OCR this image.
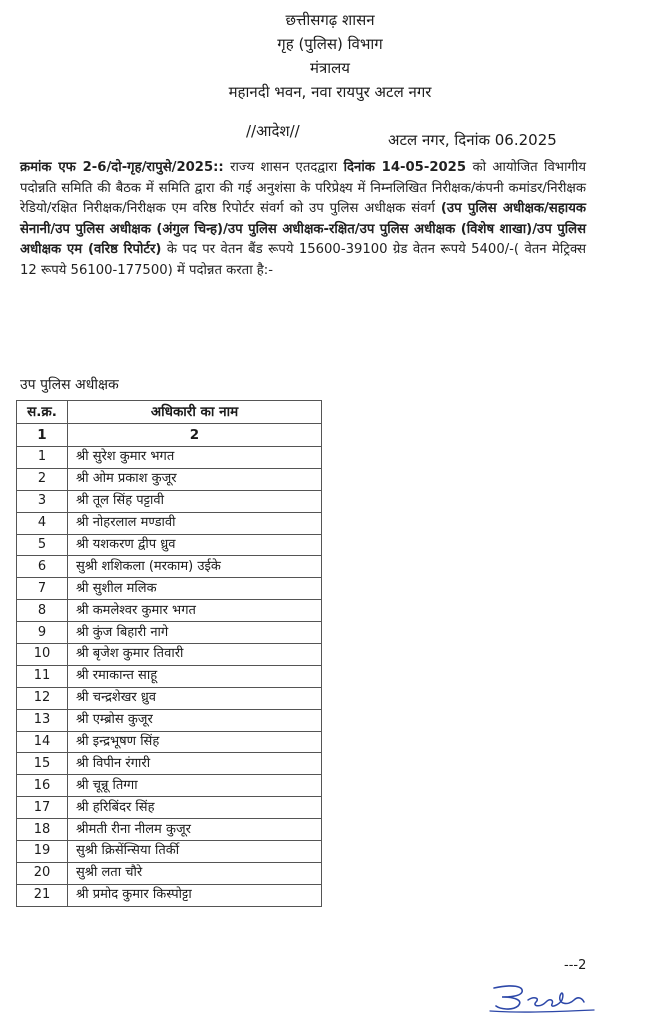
छत्तीसगढ़ शासन
गृह (पुलिस) विभाग
मंत्रालय
महानदी भवन, नवा रायपुर अटल नगर
//आदेश//	अटल नगर, दिनांक 06.2025
क्रमांक एफ 2-6/दो-गृह/रापुसे/2025:: राज्य शासन एतदद्वारा दिनांक 14-05-2025 को आयोजित विभागीय पदोन्नति समिति की बैठक में समिति द्वारा की गई अनुशंसा के परिप्रेक्ष्य में निम्नलिखित निरीक्षक/कंपनी कमांडर/निरीक्षक रेडियो/रक्षित निरीक्षक/निरीक्षक एम वरिष्ठ रिपोर्टर संवर्ग को उप पुलिस अधीक्षक संवर्ग (उप पुलिस अधीक्षक/सहायक सेनानी/उप पुलिस अधीक्षक (अंगुल चिन्ह)/उप पुलिस अधीक्षक-रक्षित/उप पुलिस अधीक्षक (विशेष शाखा)/उप पुलिस अधीक्षक एम (वरिष्ठ रिपोर्टर) के पद पर वेतन बैंड रूपये 15600-39100 ग्रेड वेतन रूपये 5400/-( वेतन मेट्रिक्स 12 रूपये 56100-177500) में पदोन्नत करता है:-
उप पुलिस अधीक्षक
स.क्र.	अधिकारी का नाम
1	2
1	श्री सुरेश कुमार भगत
2	श्री ओम प्रकाश कुजूर
3	श्री तूल सिंह पट्टावी
4	श्री नोहरलाल मण्डावी
5	श्री यशकरण द्वीप ध्रुव
6	सुश्री शशिकला (मरकाम) उईके
7	श्री सुशील मलिक
8	श्री कमलेश्वर कुमार भगत
9	श्री कुंज बिहारी नागे
10	श्री बृजेश कुमार तिवारी
11	श्री रमाकान्त साहू
12	श्री चन्द्रशेखर ध्रुव
13	श्री एम्ब्रोस कुजूर
14	श्री इन्द्रभूषण सिंह
15	श्री विपीन रंगारी
16	श्री चून्नू तिग्गा
17	श्री हरिबिंदर सिंह
18	श्रीमती रीना नीलम कुजूर
19	सुश्री क्रिसेंन्सिया तिर्की
20	सुश्री लता चौरे
21	श्री प्रमोद कुमार किस्पोट्टा
---2
